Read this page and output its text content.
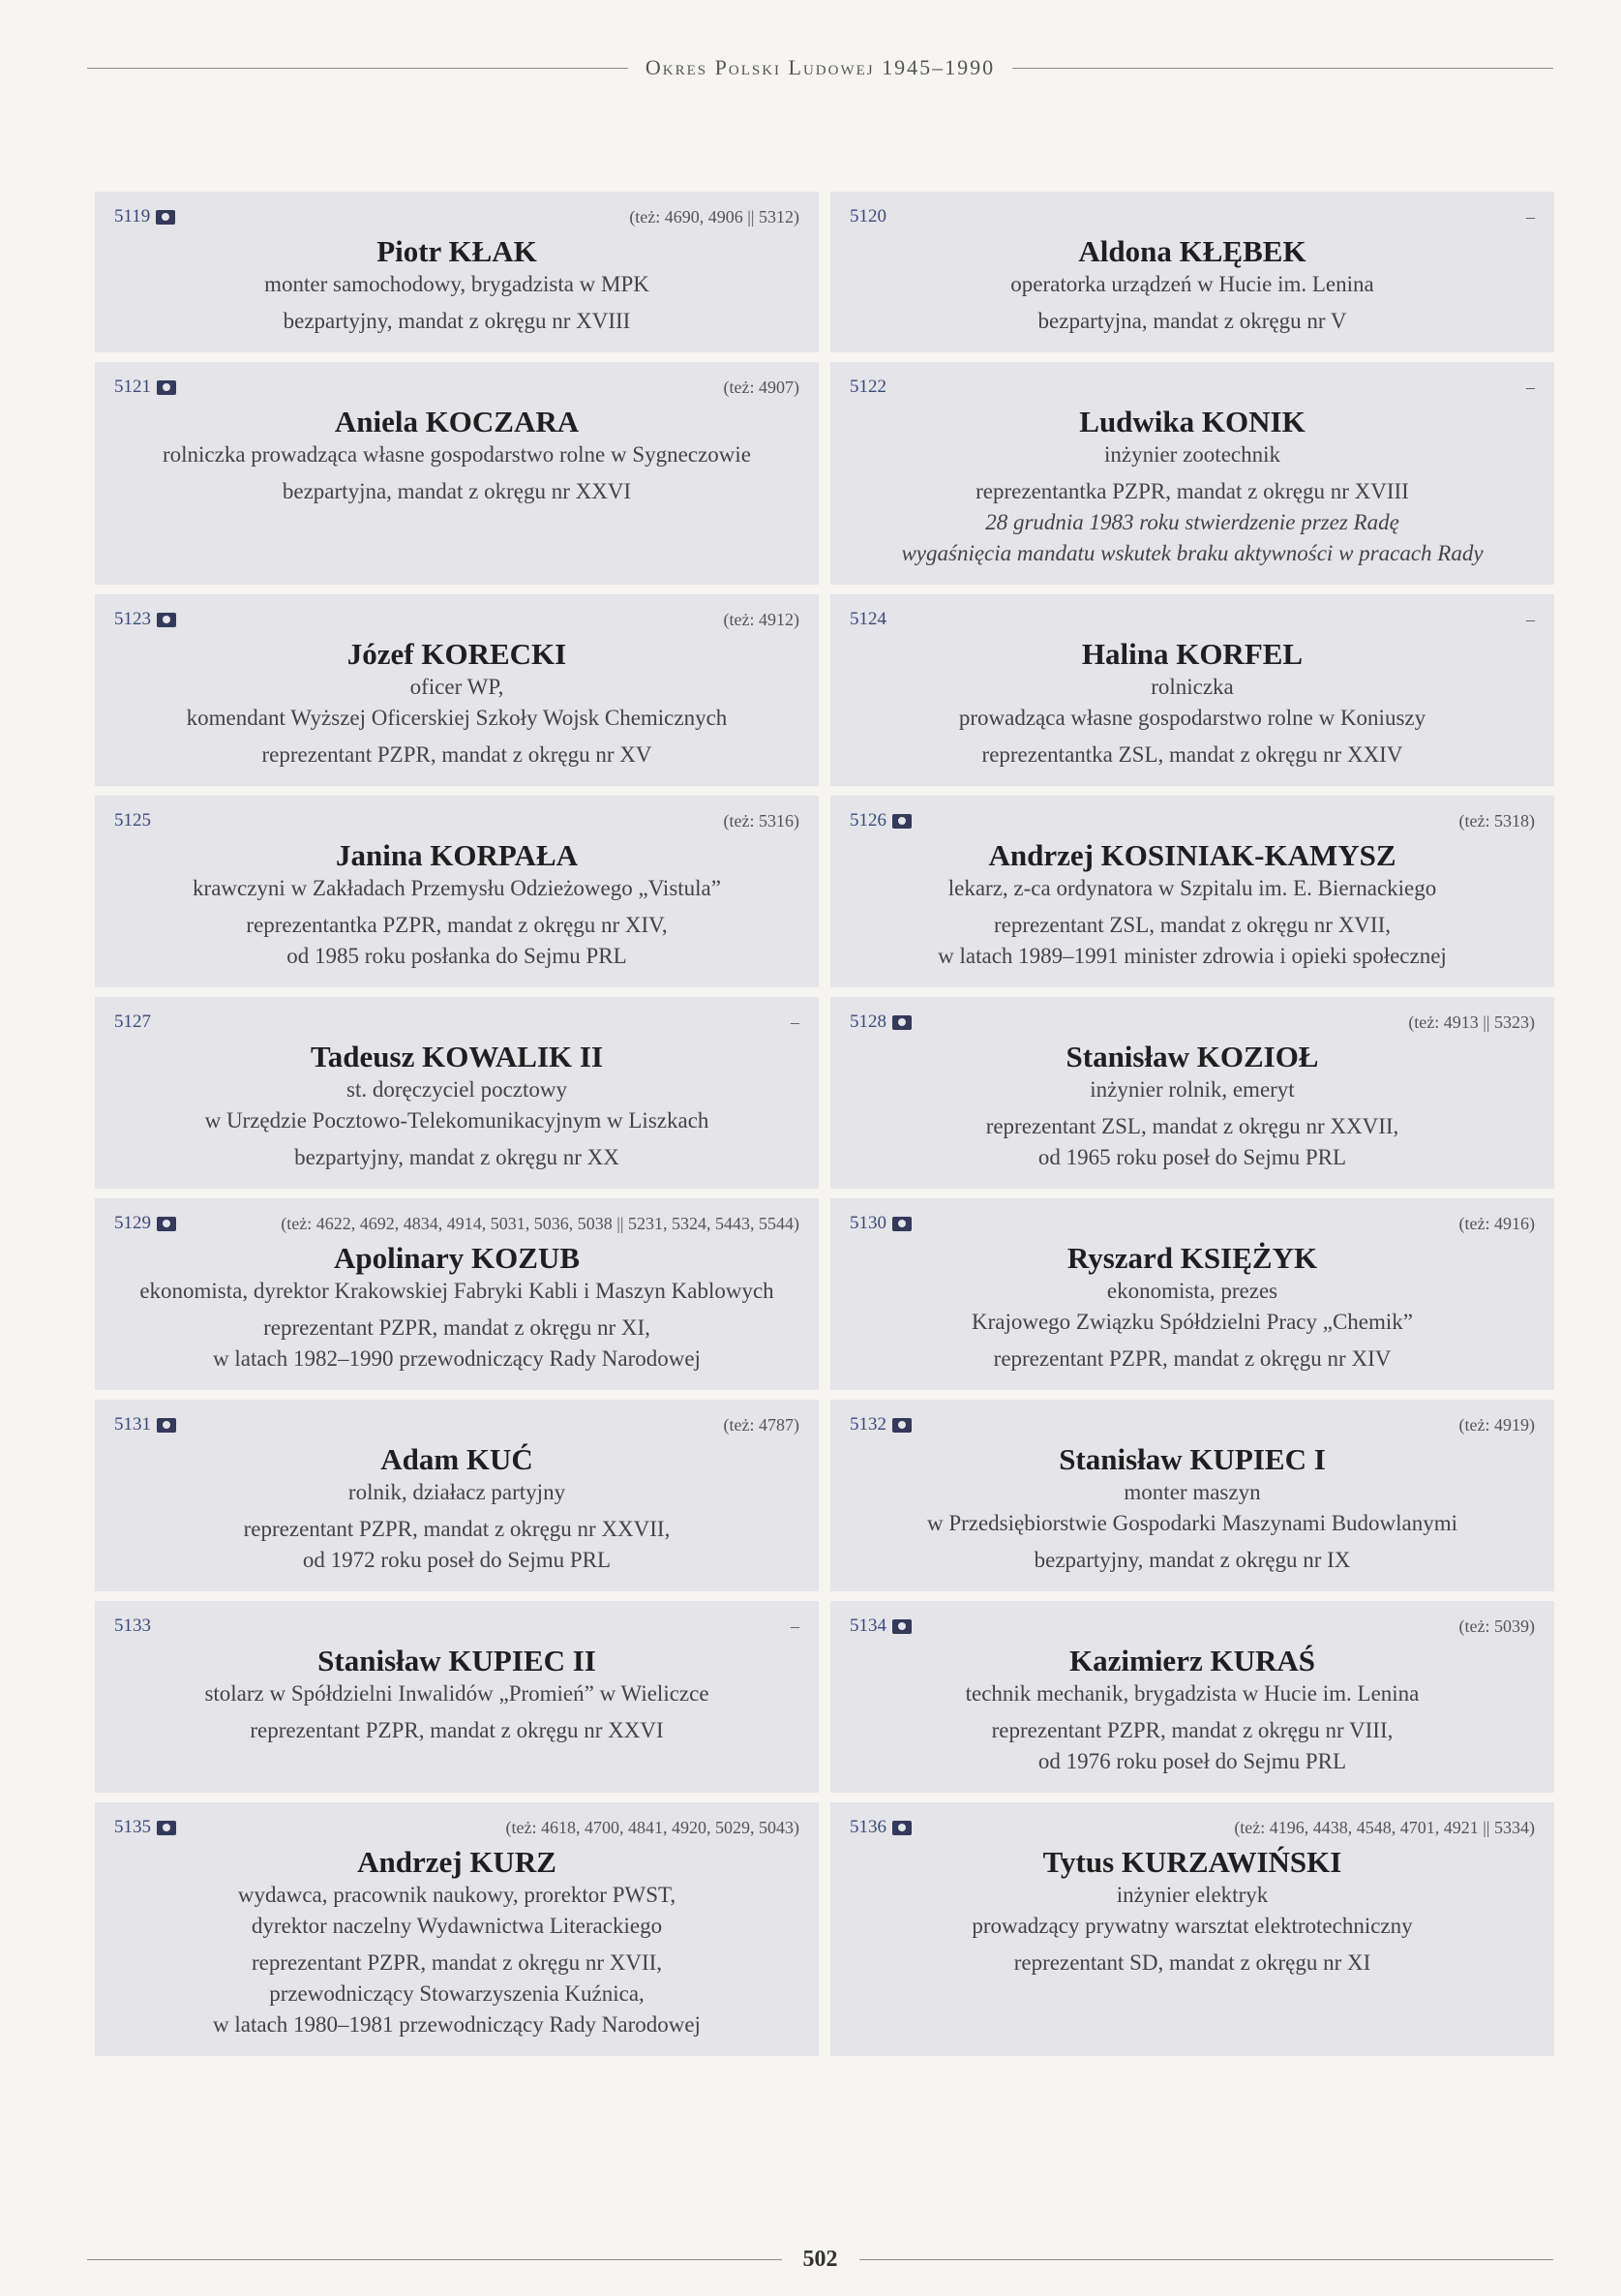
Okres Polski Ludowej 1945–1990
5119	(też: 4690, 4906 || 5312)
Piotr KŁAK
monter samochodowy, brygadzista w MPK
bezpartyjny, mandat z okręgu nr XVIII
5120	–
Aldona KŁĘBEK
operatorka urządzeń w Hucie im. Lenina
bezpartyjna, mandat z okręgu nr V
5121	(też: 4907)
Aniela KOCZARA
rolniczka prowadząca własne gospodarstwo rolne w Sygneczowie
bezpartyjna, mandat z okręgu nr XXVI
5122	–
Ludwika KONIK
inżynier zootechnik
reprezentantka PZPR, mandat z okręgu nr XVIII
28 grudnia 1983 roku stwierdzenie przez Radę
wygaśnięcia mandatu wskutek braku aktywności w pracach Rady
5123	(też: 4912)
Józef KORECKI
oficer WP,
komendant Wyższej Oficerskiej Szkoły Wojsk Chemicznych
reprezentant PZPR, mandat z okręgu nr XV
5124	–
Halina KORFEL
rolniczka
prowadząca własne gospodarstwo rolne w Koniuszy
reprezentantka ZSL, mandat z okręgu nr XXIV
5125	(też: 5316)
Janina KORPAŁA
krawczyni w Zakładach Przemysłu Odzieżowego „Vistula”
reprezentantka PZPR, mandat z okręgu nr XIV,
od 1985 roku posłanka do Sejmu PRL
5126	(też: 5318)
Andrzej KOSINIAK-KAMYSZ
lekarz, z-ca ordynatora w Szpitalu im. E. Biernackiego
reprezentant ZSL, mandat z okręgu nr XVII,
w latach 1989–1991 minister zdrowia i opieki społecznej
5127	–
Tadeusz KOWALIK II
st. doręczyciel pocztowy
w Urzędzie Pocztowo-Telekomunikacyjnym w Liszkach
bezpartyjny, mandat z okręgu nr XX
5128	(też: 4913 || 5323)
Stanisław KOZIOŁ
inżynier rolnik, emeryt
reprezentant ZSL, mandat z okręgu nr XXVII,
od 1965 roku poseł do Sejmu PRL
5129	(też: 4622, 4692, 4834, 4914, 5031, 5036, 5038 || 5231, 5324, 5443, 5544)
Apolinary KOZUB
ekonomista, dyrektor Krakowskiej Fabryki Kabli i Maszyn Kablowych
reprezentant PZPR, mandat z okręgu nr XI,
w latach 1982–1990 przewodniczący Rady Narodowej
5130	(też: 4916)
Ryszard KSIĘŻYK
ekonomista, prezes
Krajowego Związku Spółdzielni Pracy „Chemik”
reprezentant PZPR, mandat z okręgu nr XIV
5131	(też: 4787)
Adam KUĆ
rolnik, działacz partyjny
reprezentant PZPR, mandat z okręgu nr XXVII,
od 1972 roku poseł do Sejmu PRL
5132	(też: 4919)
Stanisław KUPIEC I
monter maszyn
w Przedsiębiorstwie Gospodarki Maszynami Budowlanymi
bezpartyjny, mandat z okręgu nr IX
5133	–
Stanisław KUPIEC II
stolarz w Spółdzielni Inwalidów „Promień” w Wieliczce
reprezentant PZPR, mandat z okręgu nr XXVI
5134	(też: 5039)
Kazimierz KURAŚ
technik mechanik, brygadzista w Hucie im. Lenina
reprezentant PZPR, mandat z okręgu nr VIII,
od 1976 roku poseł do Sejmu PRL
5135	(też: 4618, 4700, 4841, 4920, 5029, 5043)
Andrzej KURZ
wydawca, pracownik naukowy, prorektor PWST,
dyrektor naczelny Wydawnictwa Literackiego
reprezentant PZPR, mandat z okręgu nr XVII,
przewodniczący Stowarzyszenia Kuźnica,
w latach 1980–1981 przewodniczący Rady Narodowej
5136	(też: 4196, 4438, 4548, 4701, 4921 || 5334)
Tytus KURZAWIŃSKI
inżynier elektryk
prowadzący prywatny warsztat elektrotechniczny
reprezentant SD, mandat z okręgu nr XI
502
